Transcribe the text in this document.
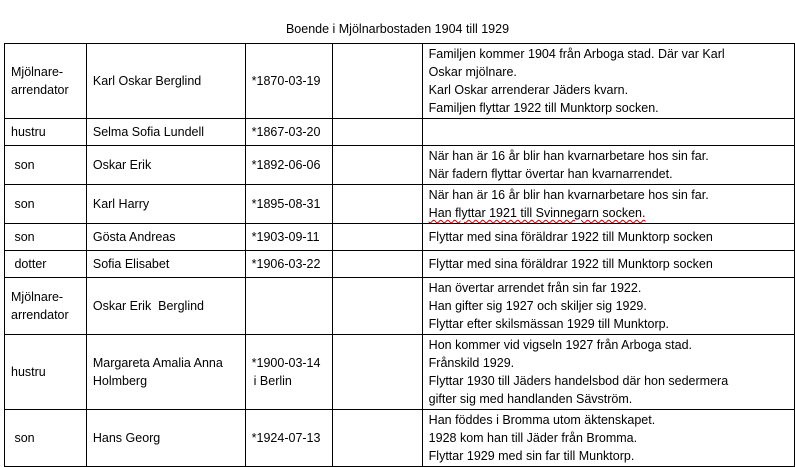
Boende i Mjölnarbostaden 1904 till 1929
Mjölnare-
arrendator	Karl Oskar Berglind	*1870-03-19		Familjen kommer 1904 från Arboga stad. Där var Karl
Oskar mjölnare.
Karl Oskar arrenderar Jäders kvarn.
Familjen flyttar 1922 till Munktorp socken.

hustru	Selma Sofia Lundell	*1867-03-20		
son	Oskar Erik	*1892-06-06		När han är 16 år blir han kvarnarbetare hos sin far.
När fadern flyttar övertar han kvarnarrendet.

son	Karl Harry	*1895-08-31		När han är 16 år blir han kvarnarbetare hos sin far.
Han flyttar 1921 till Svinnegarn socken.

son	Gösta Andreas	*1903-09-11		Flyttar med sina föräldrar 1922 till Munktorp socken

dotter	Sofia Elisabet	*1906-03-22		Flyttar med sina föräldrar 1922 till Munktorp socken

Mjölnare-
arrendator	Oskar Erik  Berglind			Han övertar arrendet från sin far 1922.
Han gifter sig 1927 och skiljer sig 1929.
Flyttar efter skilsmässan 1929 till Munktorp.

hustru	Margareta Amalia Anna
Holmberg	*1900-03-14
i Berlin		Hon kommer vid vigseln 1927 från Arboga stad.
Frånskild 1929.
Flyttar 1930 till Jäders handelsbod där hon sedermera
gifter sig med handlanden Sävström.

son	Hans Georg	*1924-07-13		Han föddes i Bromma utom äktenskapet.
1928 kom han till Jäder från Bromma.
Flyttar 1929 med sin far till Munktorp.
